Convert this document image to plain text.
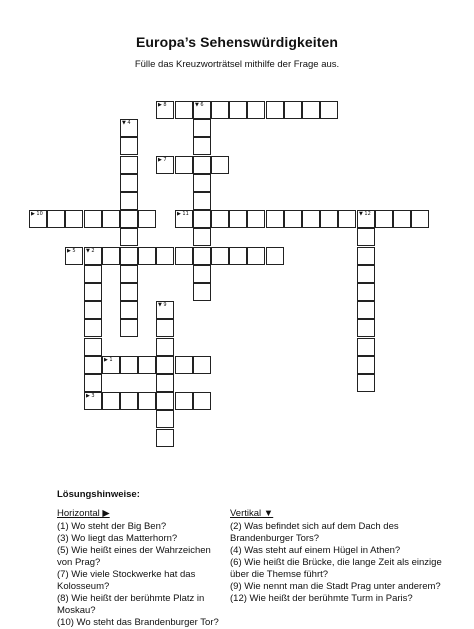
Europa’s Sehenswürdigkeiten
Fülle das Kreuzworträtsel mithilfe der Frage aus.
▶ 8	▼ 6
▼ 4
▶ 7
▶ 10	▶ 11	▼ 12
▶ 5 ▼ 2
▶ 3
▼ 9
▶ 1
Lösungshinweise:
Horizontal ▶
(1) Wo steht der Big Ben?
(3) Wo liegt das Matterhorn?
(5) Wie heißt eines der Wahrzeichen von Prag?
(7) Wie viele Stockwerke hat das Kolosseum?
(8) Wie heißt der berühmte Platz in Moskau?
(10) Wo steht das Brandenburger Tor?
Vertikal ▼
(2) Was befindet sich auf dem Dach des Brandenburger Tors?
(4) Was steht auf einem Hügel in Athen?
(6) Wie heißt die Brücke, die lange Zeit als einzige über die Themse führt?
(9) Wie nennt man die Stadt Prag unter anderem?
(12) Wie heißt der berühmte Turm in Paris?
